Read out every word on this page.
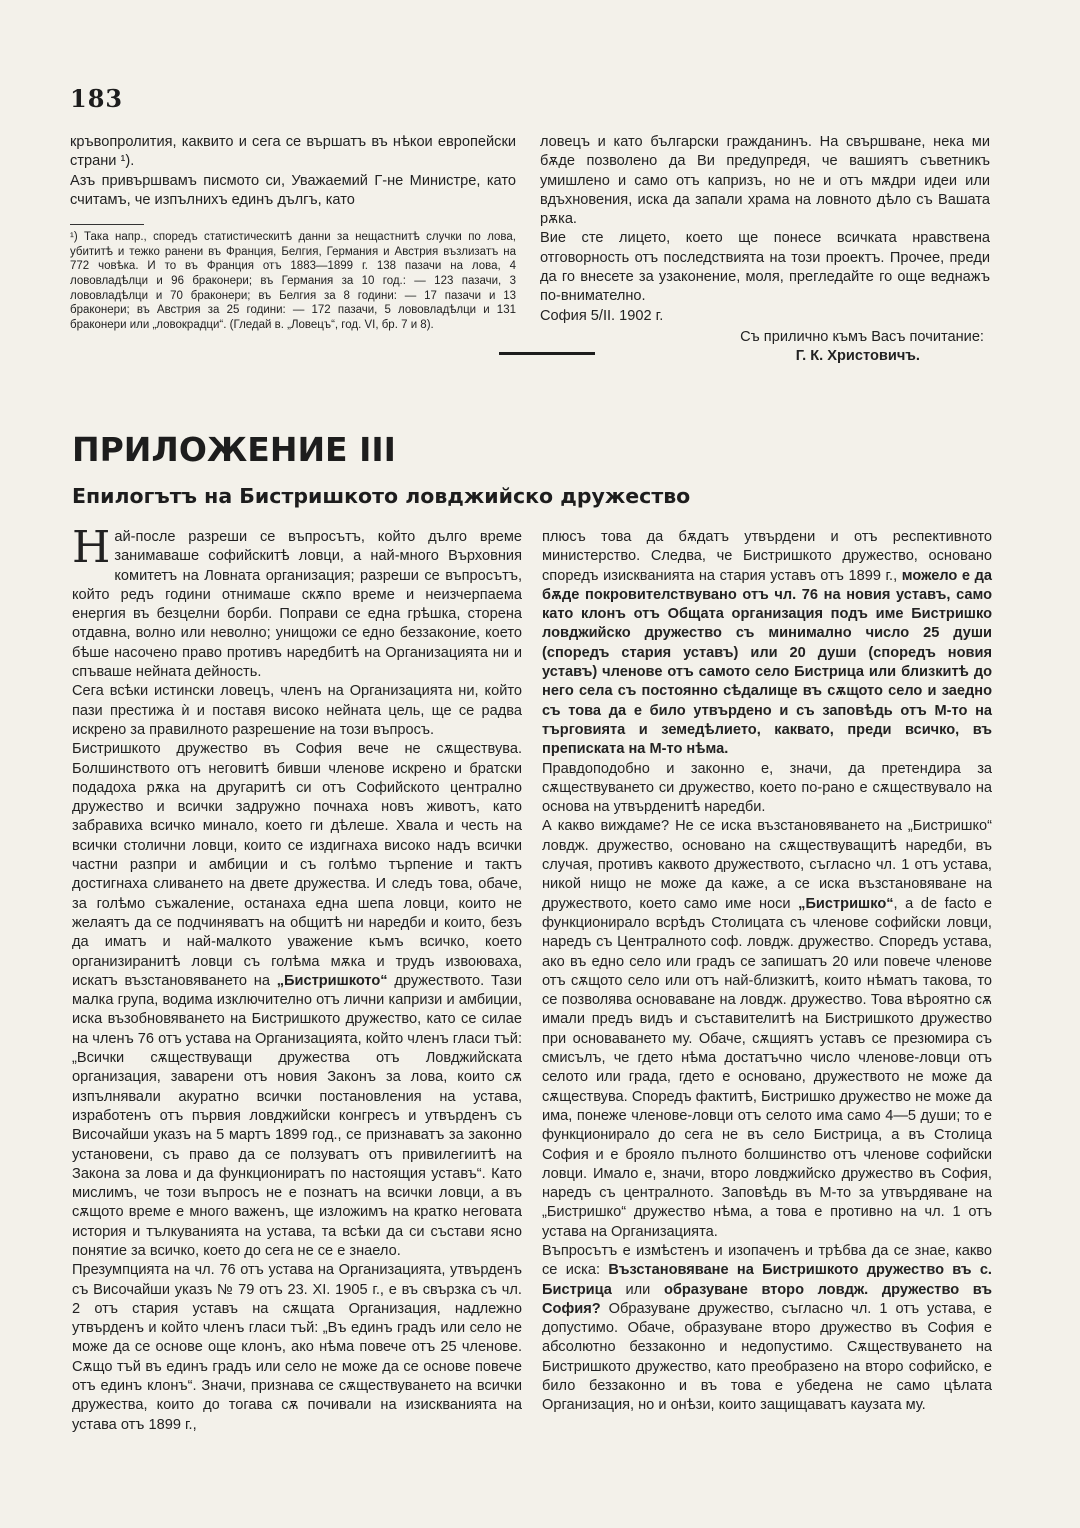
183

кръвопролития, каквито и сега се вършатъ въ нѣкои европейски страни ¹).

Азъ привършвамъ писмото си, Уважаемий Г-не Министре, като считамъ, че изпълнихъ единъ дългъ, като

¹) Така напр., споредъ статистическитѣ данни за нещастнитѣ случки по лова, убититѣ и тежко ранени въ Франция, Белгия, Германия и Австрия възлизатъ на 772 човѣка. И то въ Франция отъ 1883—1899 г. 138 пазачи на лова, 4 лововладѣлци и 96 браконери; въ Германия за 10 год.: — 123 пазачи, 3 лововладѣлци и 70 браконери; въ Белгия за 8 години: — 17 пазачи и 13 браконери; въ Австрия за 25 години: — 172 пазачи, 5 лововладѣлци и 131 браконери или „ловокрадци“. (Гледай в. „Ловецъ“, год. VI, бр. 7 и 8).

ловецъ и като български гражданинъ. На свършване, нека ми бѫде позволено да Ви предупредя, че вашиятъ съветникъ умишлено и само отъ капризъ, но не и отъ мѫдри идеи или вдъхновения, иска да запали храма на ловното дѣло съ Вашата рѫка.

Вие сте лицето, което ще понесе всичката нравствена отговорность отъ последствията на този проектъ. Прочее, преди да го внесете за узаконение, моля, прегледайте го още веднажъ по-внимателно.

София 5/II. 1902 г.

Съ прилично къмъ Васъ почитание:

Г. К. Христовичъ.

ПРИЛОЖЕНИЕ III
Епилогътъ на Бистришкото ловджийско дружество

Най-после разреши се въпросътъ, който дълго време занимаваше софийскитѣ ловци, а най-много Върховния комитетъ на Ловната организация; разреши се въпросътъ, който редъ години отнимаше скѫпо време и неизчерпаема енергия въ безцелни борби. Поправи се една грѣшка, сторена отдавна, волно или неволно; унищожи се едно беззаконие, което бѣше насочено право противъ наредбитѣ на Организацията ни и спъваше нейната дейность.

Сега всѣки истински ловецъ, членъ на Организацията ни, който пази престижа ѝ и поставя високо нейната цель, ще се радва искрено за правилното разрешение на този въпросъ.

Бистришкото дружество въ София вече не сѫществува. Болшинството отъ неговитѣ бивши членове искрено и братски подадоха рѫка на другаритѣ си отъ Софийското централно дружество и всички задружно почнаха новъ животъ, като забравиха всичко минало, което ги дѣлеше. Хвала и честь на всички столични ловци, които се издигнаха високо надъ всички частни разпри и амбиции и съ голѣмо търпение и тактъ достигнаха сливането на двете дружества. И следъ това, обаче, за голѣмо съжаление, останаха една шепа ловци, които не желаятъ да се подчиняватъ на общитѣ ни наредби и които, безъ да иматъ и най-малкото уважение къмъ всичко, което организиранитѣ ловци съ голѣма мѫка и трудъ извоюваха, искатъ възстановяването на „Бистришкото“ дружеството. Тази малка група, водима изключително отъ лични капризи и амбиции, иска възобновяването на Бистришкото дружество, като се силае на членъ 76 отъ устава на Организацията, който членъ гласи тъй: „Всички сѫществуващи дружества отъ Ловджийската организация, заварени отъ новия Законъ за лова, които сѫ изпълнявали акуратно всички постановления на устава, изработенъ отъ първия ловджийски конгресъ и утвърденъ съ Височайши указъ на 5 мартъ 1899 год., се признаватъ за законно установени, съ право да се ползуватъ отъ привилегиитѣ на Закона за лова и да функциониратъ по настоящия уставъ“. Като мислимъ, че този въпросъ не е познатъ на всички ловци, а въ сѫщото време е много важенъ, ще изложимъ на кратко неговата история и тълкуванията на устава, та всѣки да си състави ясно понятие за всичко, което до сега не се е знаело.

Презумпцията на чл. 76 отъ устава на Организацията, утвърденъ съ Височайши указъ № 79 отъ 23. XI. 1905 г., е въ свързка съ чл. 2 отъ стария уставъ на сѫщата Организация, надлежно утвърденъ и който членъ гласи тъй: „Въ единъ градъ или село не може да се основе още клонъ, ако нѣма повече отъ 25 членове. Сѫщо тъй въ единъ градъ или село не може да се основе повече отъ единъ клонъ“. Значи, признава се сѫществуването на всички дружества, които до тогава сѫ почивали на изискванията на устава отъ 1899 г.,

плюсъ това да бѫдатъ утвърдени и отъ респективното министерство. Следва, че Бистришкото дружество, основано споредъ изискванията на стария уставъ отъ 1899 г., можело е да бѫде покровителствувано отъ чл. 76 на новия уставъ, само като клонъ отъ Общата организация подъ име Бистришко ловджийско дружество съ минимално число 25 души (споредъ стария уставъ) или 20 души (споредъ новия уставъ) членове отъ самото село Бистрица или близкитѣ до него села съ постоянно сѣдалище въ сѫщото село и заедно съ това да е било утвърдено и съ заповѣдь отъ М-то на търговията и земедѣлието, каквато, преди всичко, въ преписката на М-то нѣма.

Правдоподобно и законно е, значи, да претендира за сѫществуването си дружество, което по-рано е сѫществувало на основа на утвърденитѣ наредби.

А какво виждаме? Не се иска възстановяването на „Бистришко“ ловдж. дружество, основано на сѫществуващитѣ наредби, въ случая, противъ каквото дружеството, съгласно чл. 1 отъ устава, никой нищо не може да каже, а се иска възстановяване на дружеството, което само име носи „Бистришко“, а de facto е функционирало всрѣдъ Столицата съ членове софийски ловци, наредъ съ Централното соф. ловдж. дружество. Споредъ устава, ако въ едно село или градъ се запишатъ 20 или повече членове отъ сѫщото село или отъ най-близкитѣ, които нѣматъ такова, то се позволява основаване на ловдж. дружество. Това вѣроятно сѫ имали предъ видъ и съставителитѣ на Бистришкото дружество при основаването му. Обаче, сѫщиятъ уставъ се презюмира съ смисълъ, че гдето нѣма достатъчно число членове-ловци отъ селото или града, гдето е основано, дружеството не може да сѫществува. Споредъ фактитѣ, Бистришко дружество не може да има, понеже членове-ловци отъ селото има само 4—5 души; то е функционирало до сега не въ село Бистрица, а въ Столица София и е брояло пълното болшинство отъ членове софийски ловци. Имало е, значи, второ ловджийско дружество въ София, наредъ съ централното. Заповѣдь въ М-то за утвърдяване на „Бистришко“ дружество нѣма, а това е противно на чл. 1 отъ устава на Организацията.

Въпросътъ е измѣстенъ и изопаченъ и трѣбва да се знае, какво се иска: Възстановяване на Бистришкото дружество въ с. Бистрица или образуване второ ловдж. дружество въ София? Образуване дружество, съгласно чл. 1 отъ устава, е допустимо. Обаче, образуване второ дружество въ София е абсолютно беззаконно и недопустимо. Сѫществуването на Бистришкото дружество, като преобразено на второ софийско, е било беззаконно и въ това е убедена не само цѣлата Организация, но и онѣзи, които защищаватъ каузата му.
